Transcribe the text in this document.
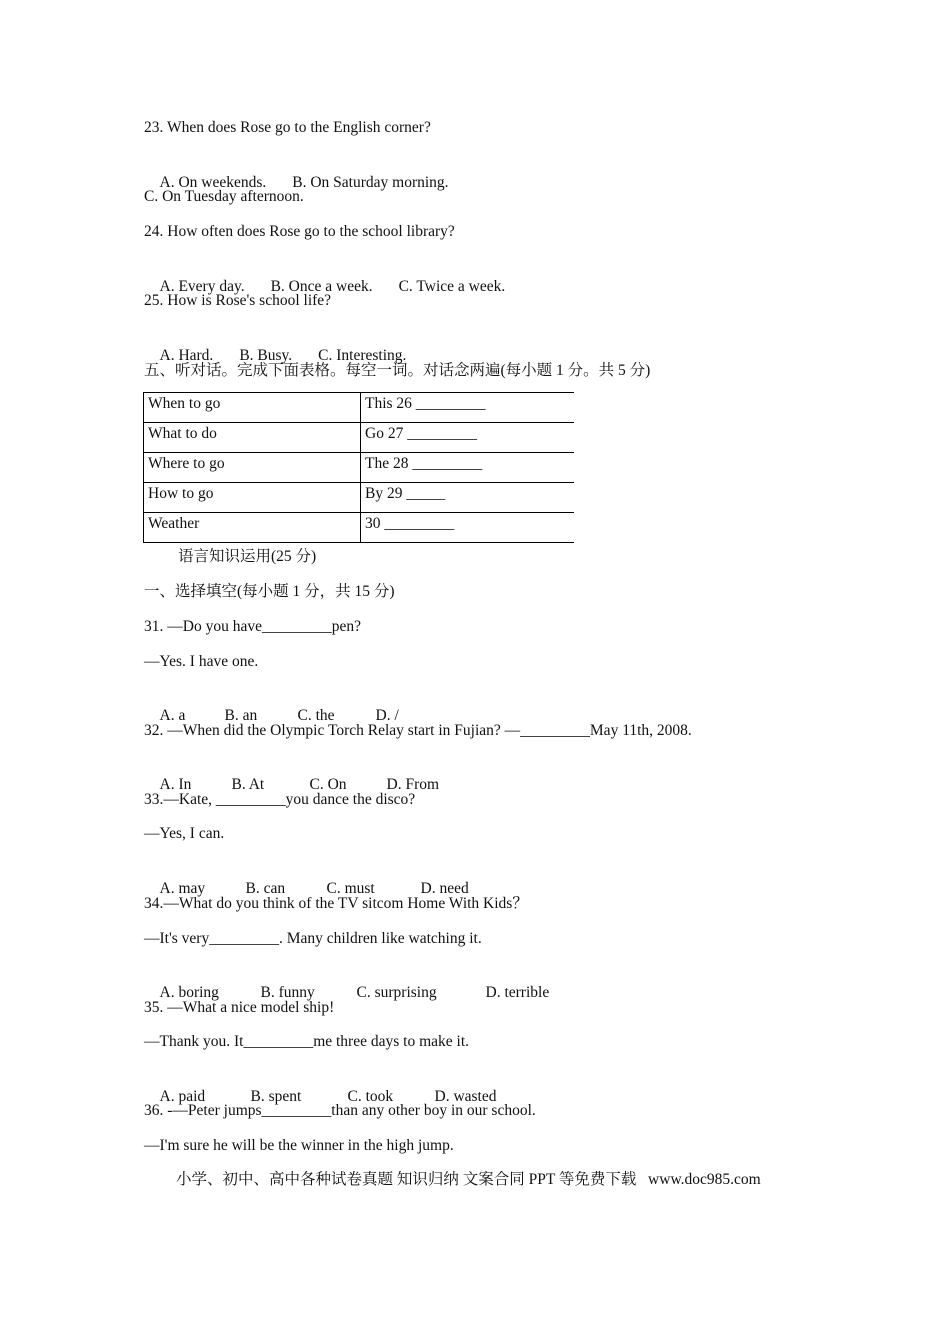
23. When does Rose go to the English corner?

A. On weekends. B. On Saturday morning.

C. On Tuesday afternoon.
24. How often does Rose go to the school library?

A. Every day. B. Once a week. C. Twice a week.

25. How is Rose's school life?

A. Hard. B. Busy. C. Interesting.

五、听对话。完成下面表格。每空一词。对话念两遍(每小题 1 分。共 5 分)
When to go	This 26 _________
What to do	Go 27 _________
Where to go	The 28 _________
How to go	By 29 _____
Weather	30 _________
语言知识运用(25 分)
一、选择填空(每小题 1 分，共 15 分)
31. —Do you have_________pen?
—Yes. I have one.

A. a	B. an	C. the	D. /

32. —When did the Olympic Torch Relay start in Fujian? —_________May 11th, 2008.

A. In	B. At	C. On	D. From

33.—Kate, _________you dance the disco?
—Yes, I can.

A. may	B. can	C. must	D. need

34.—What do you think of the TV sitcom Home With Kids？
—It's very_________. Many children like watching it.

A. boring	B. funny	C. surprising	D. terrible

35. —What a nice model ship!
—Thank you. It_________me three days to make it.

A. paid	B. spent	C. took	D. wasted

36. -—Peter jumps_________than any other boy in our school.
—I'm sure he will be the winner in the high jump.
小学、初中、高中各种试卷真题 知识归纳 文案合同 PPT 等免费下载   www.doc985.com
